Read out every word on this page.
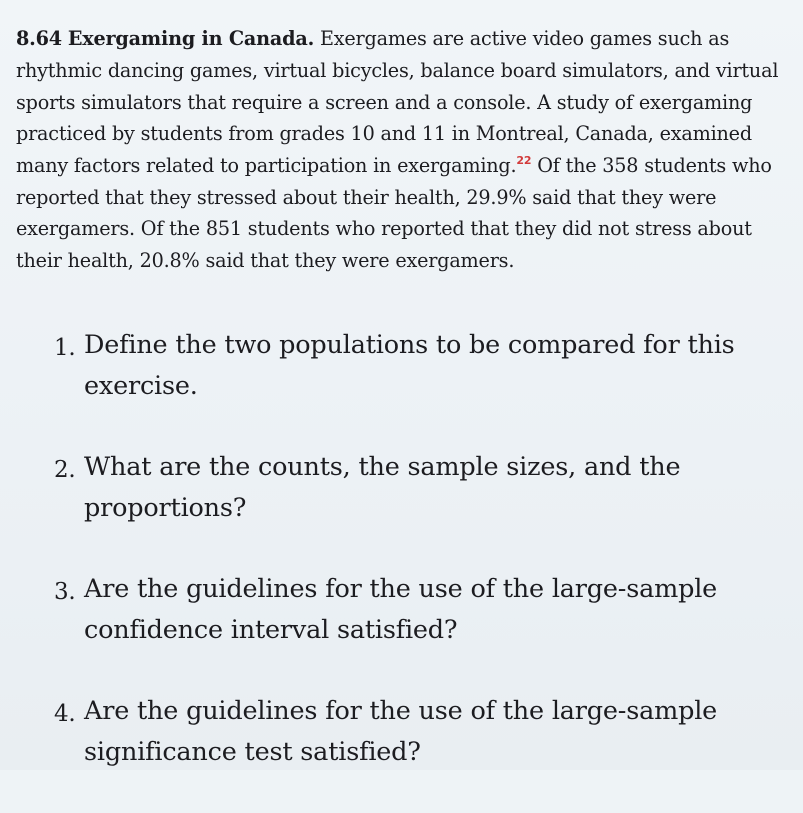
8.64 Exergaming in Canada. Exergames are active video games such as rhythmic dancing games, virtual bicycles, balance board simulators, and virtual sports simulators that require a screen and a console. A study of exergaming practiced by students from grades 10 and 11 in Montreal, Canada, examined many factors related to participation in exergaming.$^{22}$ Of the 358 students who reported that they stressed about their health, 29.9% said that they were exergamers. Of the 851 students who reported that they did not stress about their health, 20.8% said that they were exergamers.

1. Define the two populations to be compared for this exercise.
2. What are the counts, the sample sizes, and the proportions?
3. Are the guidelines for the use of the large-sample confidence interval satisfied?
4. Are the guidelines for the use of the large-sample significance test satisfied?
